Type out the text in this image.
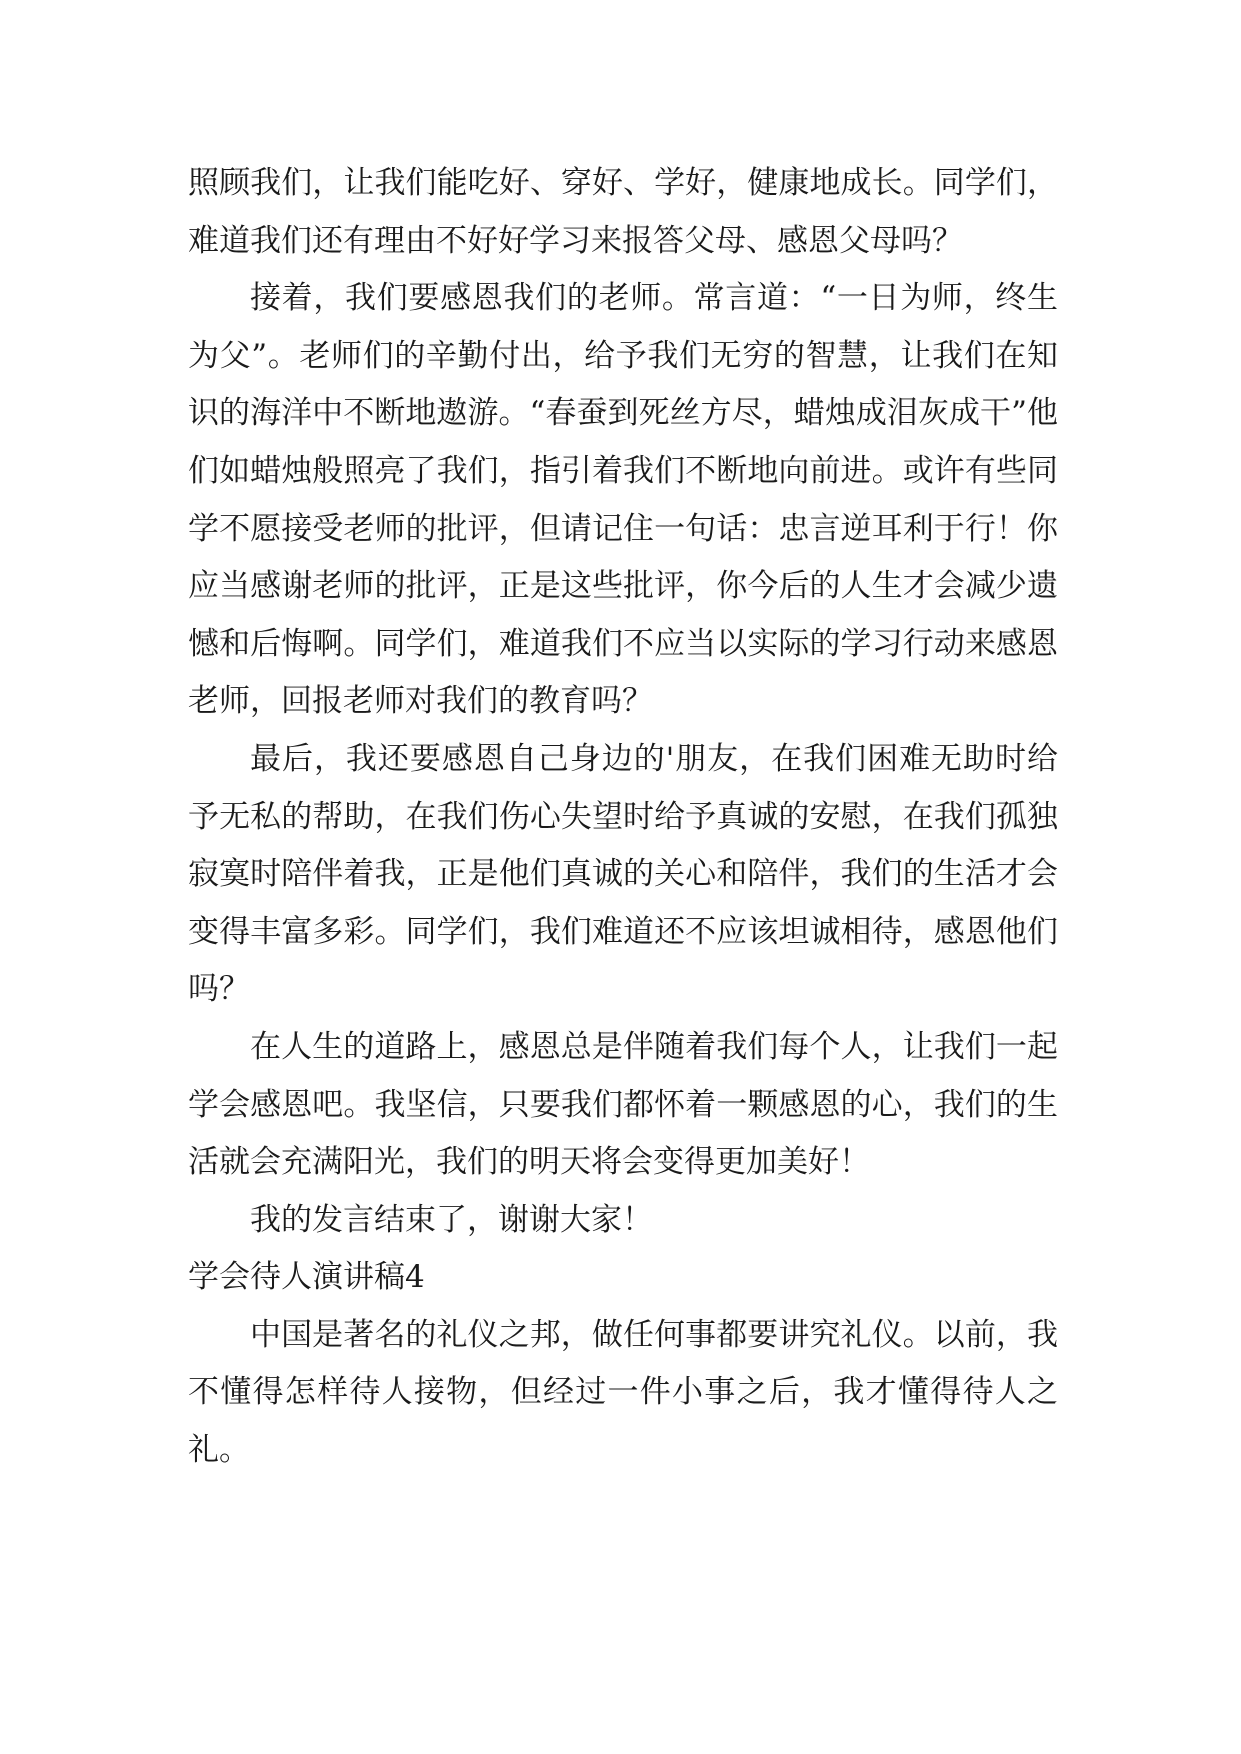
照顾我们，让我们能吃好、穿好、学好，健康地成长。同学们，难道我们还有理由不好好学习来报答父母、感恩父母吗？

接着，我们要感恩我们的老师。常言道：“一日为师，终生为父”。老师们的辛勤付出，给予我们无穷的智慧，让我们在知识的海洋中不断地遨游。“春蚕到死丝方尽，蜡烛成泪灰成干”他们如蜡烛般照亮了我们，指引着我们不断地向前进。或许有些同学不愿接受老师的批评，但请记住一句话：忠言逆耳利于行！你应当感谢老师的批评，正是这些批评，你今后的人生才会减少遗憾和后悔啊。同学们，难道我们不应当以实际的学习行动来感恩老师，回报老师对我们的教育吗？

最后，我还要感恩自己身边的'朋友，在我们困难无助时给予无私的帮助，在我们伤心失望时给予真诚的安慰，在我们孤独寂寞时陪伴着我，正是他们真诚的关心和陪伴，我们的生活才会变得丰富多彩。同学们，我们难道还不应该坦诚相待，感恩他们吗？

在人生的道路上，感恩总是伴随着我们每个人，让我们一起学会感恩吧。我坚信，只要我们都怀着一颗感恩的心，我们的生活就会充满阳光，我们的明天将会变得更加美好！

我的发言结束了，谢谢大家！

学会待人演讲稿4

中国是著名的礼仪之邦，做任何事都要讲究礼仪。以前，我不懂得怎样待人接物，但经过一件小事之后，我才懂得待人之礼。
